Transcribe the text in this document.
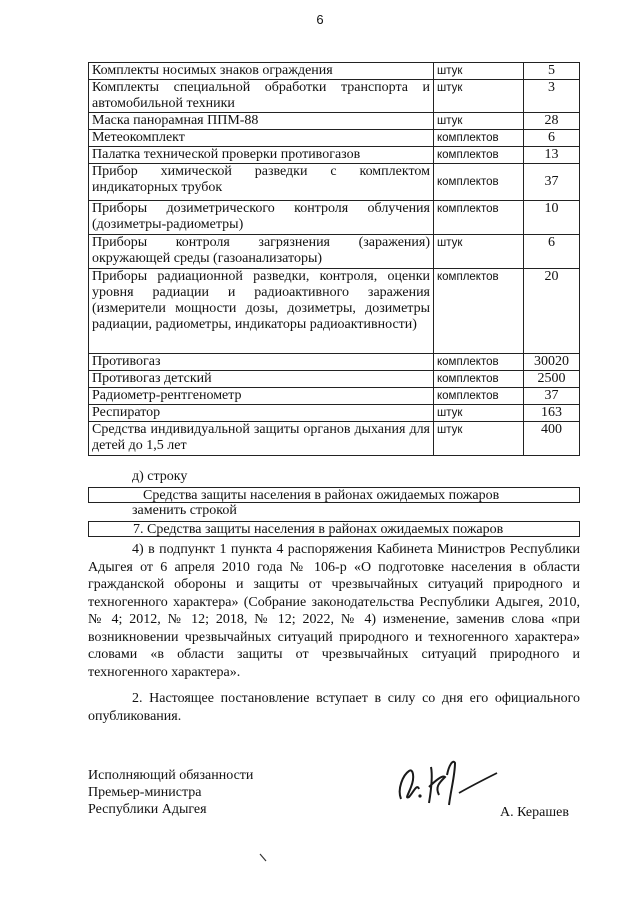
6
Комплекты носимых знаков ограждения	штук	5
Комплекты специальной обработки транспорта и автомобильной техники	штук	3
Маска панорамная ППМ-88	штук	28
Метеокомплект	комплектов	6
Палатка технической проверки противогазов	комплектов	13
Прибор химической разведки с комплектом индикаторных трубок	комплектов	37
Приборы дозиметрического контроля облучения (дозиметры-радиометры)	комплектов	10
Приборы контроля загрязнения (заражения) окружающей среды (газоанализаторы)	штук	6
Приборы радиационной разведки, контроля, оценки уровня радиации и радиоактивного заражения (измерители мощности дозы, дозиметры, дозиметры радиации, радиометры, индикаторы радиоактивности)	комплектов	20
Противогаз	комплектов	30020
Противогаз детский	комплектов	2500
Радиометр-рентгенометр	комплектов	37
Респиратор	штук	163
Средства индивидуальной защиты органов дыхания для детей до 1,5 лет	штук	400
д) строку
Средства защиты населения в районах ожидаемых пожаров
заменить строкой
7. Средства защиты населения в районах ожидаемых пожаров
4) в подпункт 1 пункта 4 распоряжения Кабинета Министров Республики Адыгея от 6 апреля 2010 года № 106-р «О подготовке населения в области гражданской обороны и защиты от чрезвычайных ситуаций природного и техногенного характера» (Собрание законодательства Республики Адыгея, 2010, № 4; 2012, № 12; 2018, № 12; 2022, № 4) изменение, заменив слова «при возникновении чрезвычайных ситуаций природного и техногенного характера» словами «в области защиты от чрезвычайных ситуаций природного и техногенного характера».
2. Настоящее постановление вступает в силу со дня его официального опубликования.
Исполняющий обязанности
Премьер-министра
Республики Адыгея	А. Керашев
